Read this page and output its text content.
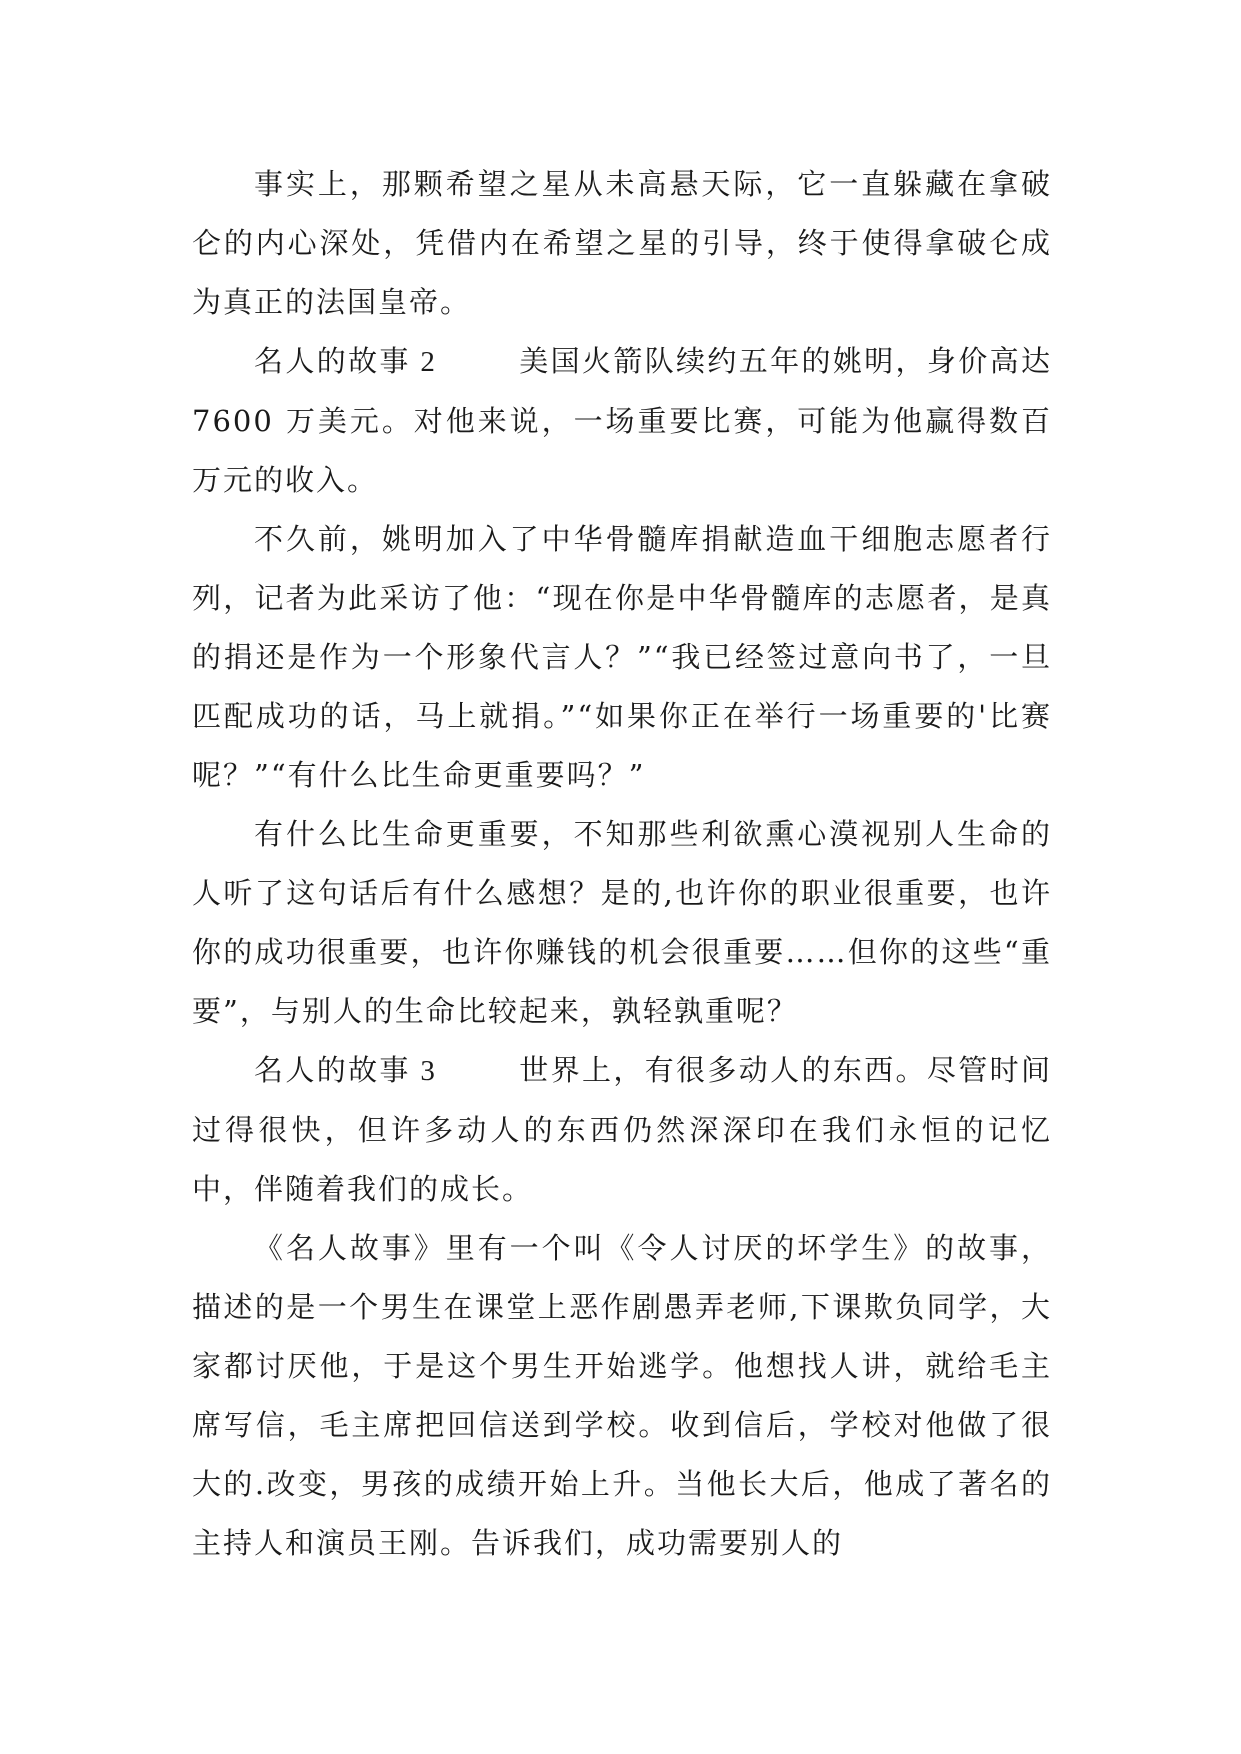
事实上，那颗希望之星从未高悬天际，它一直躲藏在拿破仑的内心深处，凭借内在希望之星的引导，终于使得拿破仑成为真正的法国皇帝。

名人的故事 2	美国火箭队续约五年的姚明，身价高达 7600 万美元。对他来说，一场重要比赛，可能为他赢得数百万元的收入。

不久前，姚明加入了中华骨髓库捐献造血干细胞志愿者行列，记者为此采访了他：“现在你是中华骨髓库的志愿者，是真的捐还是作为一个形象代言人？”“我已经签过意向书了，一旦匹配成功的话，马上就捐。”“如果你正在举行一场重要的'比赛呢？”“有什么比生命更重要吗？”

有什么比生命更重要，不知那些利欲熏心漠视别人生命的人听了这句话后有什么感想？是的,也许你的职业很重要，也许你的成功很重要，也许你赚钱的机会很重要……但你的这些“重要”，与别人的生命比较起来，孰轻孰重呢？

名人的故事 3	世界上，有很多动人的东西。尽管时间过得很快，但许多动人的东西仍然深深印在我们永恒的记忆中，伴随着我们的成长。

《名人故事》里有一个叫《令人讨厌的坏学生》的故事，描述的是一个男生在课堂上恶作剧愚弄老师,下课欺负同学，大家都讨厌他，于是这个男生开始逃学。他想找人讲，就给毛主席写信，毛主席把回信送到学校。收到信后，学校对他做了很大的.改变，男孩的成绩开始上升。当他长大后，他成了著名的主持人和演员王刚。告诉我们，成功需要别人的
